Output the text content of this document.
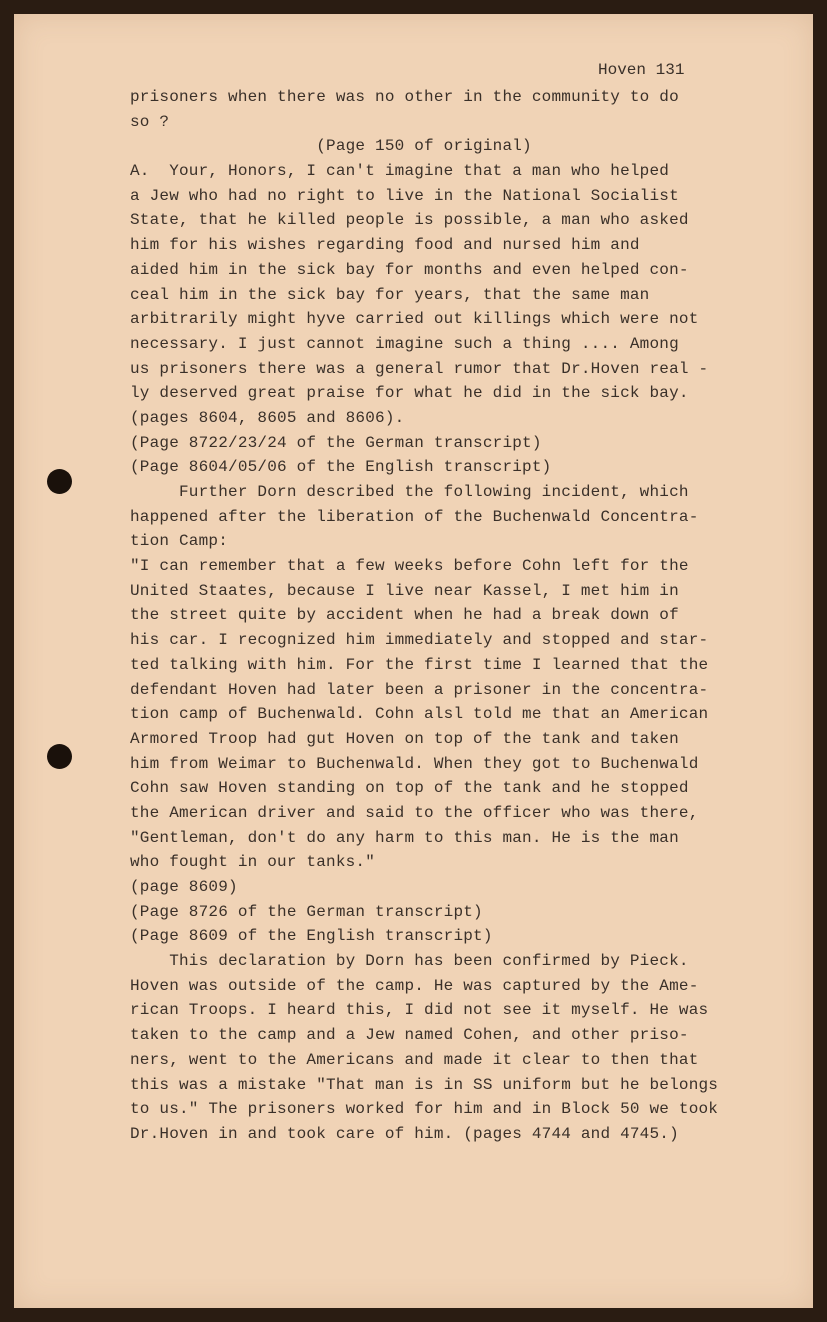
Hoven 131
prisoners when there was no other in the community to do
so ?
(Page 150 of original)
A.  Your, Honors, I can't imagine that a man who helped
a Jew who had no right to live in the National Socialist
State, that he killed people is possible, a man who asked
him for his wishes regarding food and nursed him and
aided him in the sick bay for months and even helped con-
ceal him in the sick bay for years, that the same man
arbitrarily might hyve carried out killings which were not
necessary. I just cannot imagine such a thing .... Among
us prisoners there was a general rumor that Dr.Hoven real -
ly deserved great praise for what he did in the sick bay.
(pages 8604, 8605 and 8606).
(Page 8722/23/24 of the German transcript)
(Page 8604/05/06 of the English transcript)
Further Dorn described the following incident, which
happened after the liberation of the Buchenwald Concentra-
tion Camp:
"I can remember that a few weeks before Cohn left for the
United Staates, because I live near Kassel, I met him in
the street quite by accident when he had a break down of
his car. I recognized him immediately and stopped and star-
ted talking with him. For the first time I learned that the
defendant Hoven had later been a prisoner in the concentra-
tion camp of Buchenwald. Cohn alsl told me that an American
Armored Troop had gut Hoven on top of the tank and taken
him from Weimar to Buchenwald. When they got to Buchenwald
Cohn saw Hoven standing on top of the tank and he stopped
the American driver and said to the officer who was there,
"Gentleman, don't do any harm to this man. He is the man
who fought in our tanks."
(page 8609)
(Page 8726 of the German transcript)
(Page 8609 of the English transcript)
This declaration by Dorn has been confirmed by Pieck.
Hoven was outside of the camp. He was captured by the Ame-
rican Troops. I heard this, I did not see it myself. He was
taken to the camp and a Jew named Cohen, and other priso-
ners, went to the Americans and made it clear to then that
this was a mistake "That man is in SS uniform but he belongs
to us." The prisoners worked for him and in Block 50 we took
Dr.Hoven in and took care of him. (pages 4744 and 4745.)
